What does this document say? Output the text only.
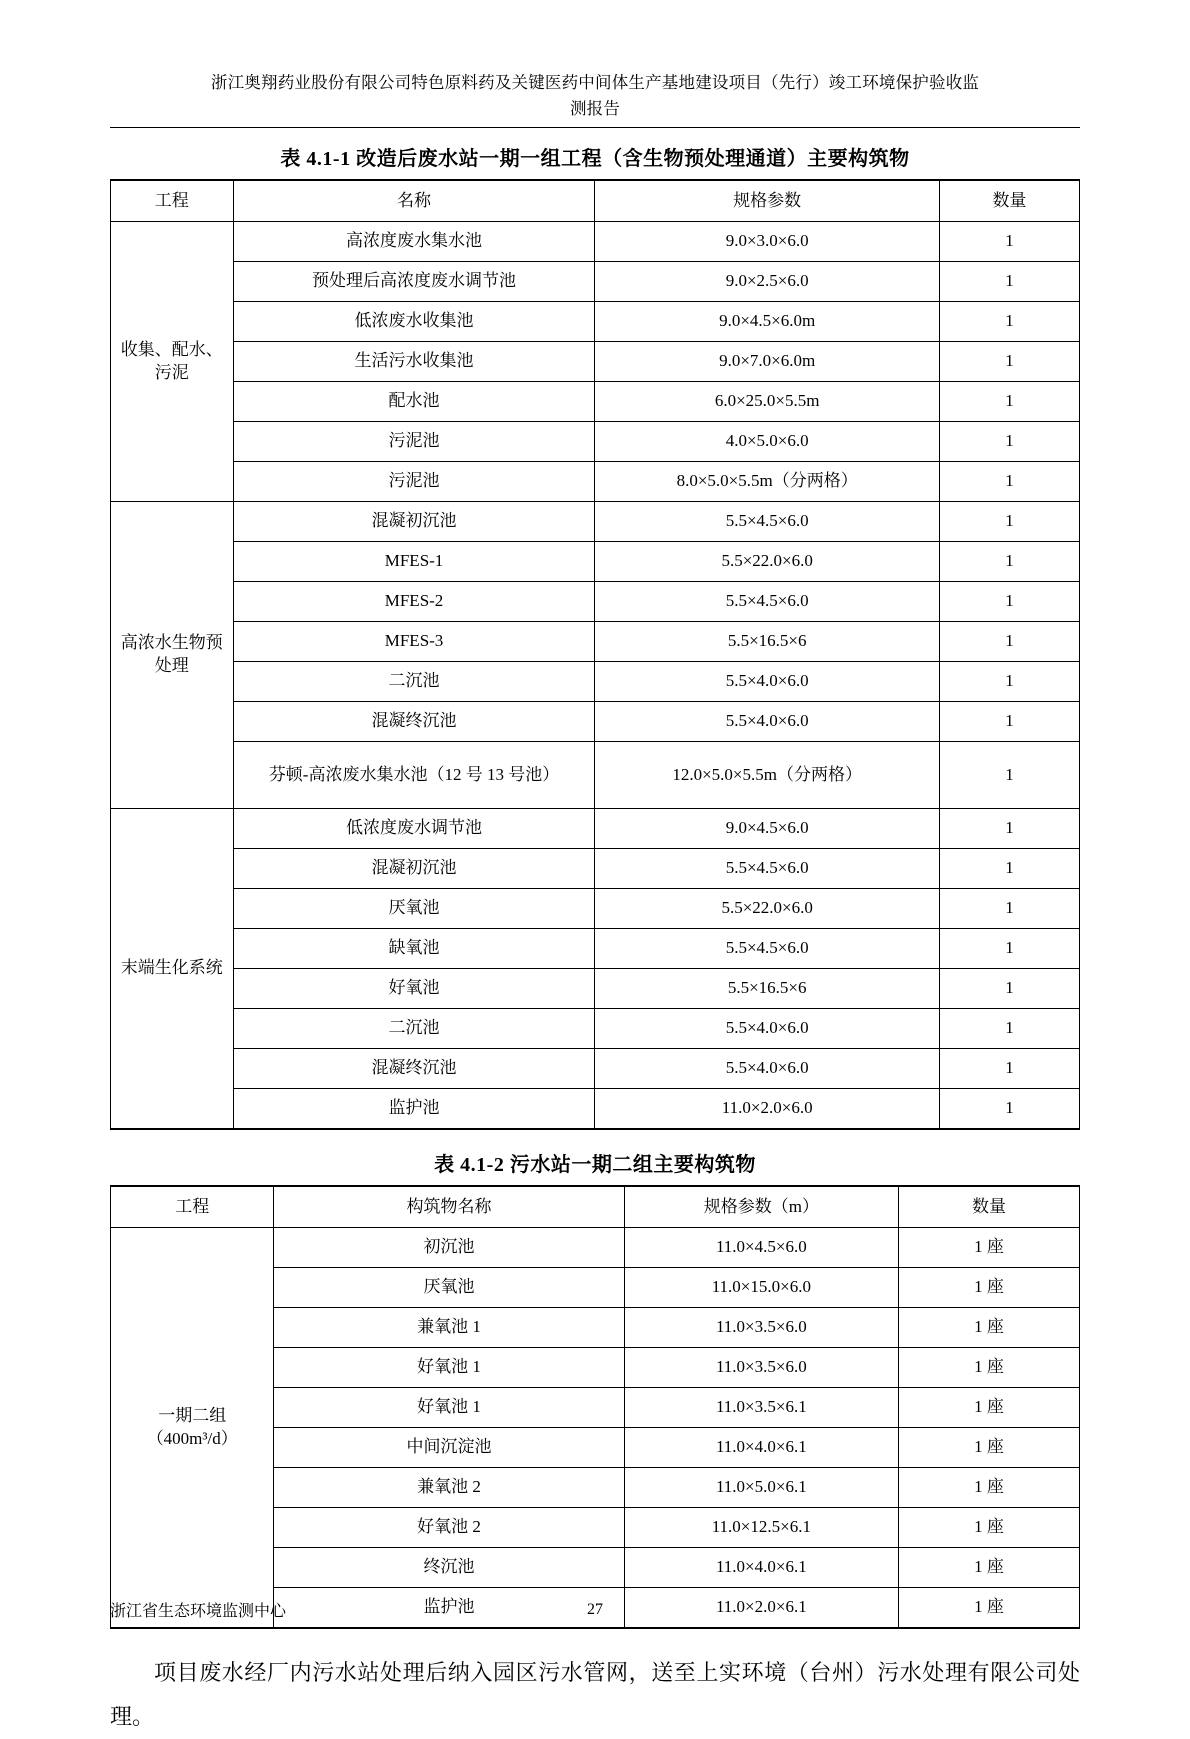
浙江奥翔药业股份有限公司特色原料药及关键医药中间体生产基地建设项目（先行）竣工环境保护验收监
测报告
表 4.1-1 改造后废水站一期一组工程（含生物预处理通道）主要构筑物
工程	名称	规格参数	数量
收集、配水、污泥	高浓度废水集水池	9.0×3.0×6.0	1
	预处理后高浓度废水调节池	9.0×2.5×6.0	1
	低浓废水收集池	9.0×4.5×6.0m	1
	生活污水收集池	9.0×7.0×6.0m	1
	配水池	6.0×25.0×5.5m	1
	污泥池	4.0×5.0×6.0	1
	污泥池	8.0×5.0×5.5m（分两格）	1
高浓水生物预处理	混凝初沉池	5.5×4.5×6.0	1
	MFES-1	5.5×22.0×6.0	1
	MFES-2	5.5×4.5×6.0	1
	MFES-3	5.5×16.5×6	1
	二沉池	5.5×4.0×6.0	1
	混凝终沉池	5.5×4.0×6.0	1
	芬顿-高浓废水集水池（12 号 13 号池）	12.0×5.0×5.5m（分两格）	1
末端生化系统	低浓度废水调节池	9.0×4.5×6.0	1
	混凝初沉池	5.5×4.5×6.0	1
	厌氧池	5.5×22.0×6.0	1
	缺氧池	5.5×4.5×6.0	1
	好氧池	5.5×16.5×6	1
	二沉池	5.5×4.0×6.0	1
	混凝终沉池	5.5×4.0×6.0	1
	监护池	11.0×2.0×6.0	1
表 4.1-2 污水站一期二组主要构筑物
工程	构筑物名称	规格参数（m）	数量

一期二组
（400m³/d）	初沉池	11.0×4.5×6.0	1 座
	厌氧池	11.0×15.0×6.0	1 座
	兼氧池 1	11.0×3.5×6.0	1 座
	好氧池 1	11.0×3.5×6.0	1 座
	好氧池 1	11.0×3.5×6.1	1 座
	中间沉淀池	11.0×4.0×6.1	1 座
	兼氧池 2	11.0×5.0×6.1	1 座
	好氧池 2	11.0×12.5×6.1	1 座
	终沉池	11.0×4.0×6.1	1 座
	监护池	11.0×2.0×6.1	1 座

项目废水经厂内污水站处理后纳入园区污水管网，送至上实环境（台州）污水处理有限公司处理。

浙江省生态环境监测中心	27
